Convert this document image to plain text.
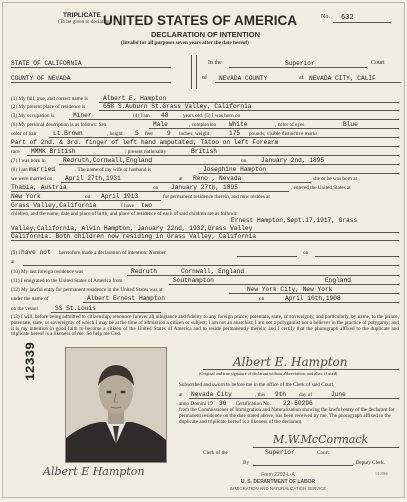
TRIPLICATE
(To be given to declarant)
UNITED STATES OF AMERICA	No. 632
DECLARATION OF INTENTION
(Invalid for all purposes seven years after the date hereof)
STATE OF CALIFORNIA
COUNTY OF NEVADA
In the	Superior	Court
of NEVADA COUNTY	at NEVADA CITY, CALIF
(1) My full, true, and correct name is Albert E. Hampton
(2) My present place of residence is	658 S.Auburn St.Grass Valley, California
(3) My occupation is	Miner	(4) I am 48	years old. (5) I was born on
(6) My personal description is as follows: Sex	Male	, complexion White	, color of eyes	Blue
color of hair	Lt.Brown	, height 5 feet 9 inches; weight	175 pounds; visible distinctive marks
Part of 2nd. & 3rd. finger of left hand amputated, Tatoo on left Forearm
race MMMK British	; present nationality	British
(7) I was born in	Redruth,Cornwall,England	on January 2nd, 1895
(8) I am married	. The name of my wife or husband is	Josephine Hampton
we were married on April 27th,1931	at Reno , Nevada	she or he was born at
Thabia, Austria	on January 27th, 1895	, entered the United States at
New York	on April 1913	for permanent residence therein, and now resides at
Grass Valley,California	I have two
children, and the name, date and place of birth, and place of residence of each of said children are as follows:
Ernest Hampton,Sept.17,1917, Grass
Valley,California, Alvin Hampton, January 22nd, 1932,Grass Valley
California. Both children now residing in Grass Valley, California
(9) I have not heretofore made a declaration of intention: Number	on
at
(10) My last foreign residence was	Redruth	Cornwall, England
(11) I emigrated to the United States of America from	Southampton	England
(12) My lawful entry for permanent residence in the United States was at	New York City, New York
under the name of	Albert Ernest Hampton	on	April 10th,1908
on the vessel	SS St.Louis
(13) I will, before being admitted to citizenship, renounce forever all allegiance and fidelity to any foreign prince, potentate, state, or sovereignty, and particularly, by name, to the prince, potentate, state, or sovereignty of which I may be at the time of admission a citizen or subject; I am not an anarchist; I am not a polygamist nor a believer in the practice of polygamy; and it is my intention in good faith to become a citizen of the United States of America and to reside permanently therein; and I certify that the photograph affixed to the duplicate and triplicate hereof is a likeness of me: So help me God.
12339
Albert E Hampton
Albert E. Hampton
(Original and true signature of declarant without abbreviation, and alias, if used)
Subscribed and sworn to before me in the office of the Clerk of said Court,
at Nevada City	, this 9th day of	June
anno Domini 19 36 . Certification No. 22-50296
from the Commissioner of Immigration and Naturalization showing the lawful entry of the declarant for permanent residence on the date stated above, has been received by me. The photograph affixed to the duplicate and triplicate hereof is a likeness of the declarant.
M.W.McCormack
Clerk of the	Superior	Court.
By	, Deputy Clerk.
Form 2202-L-A
U. S. DEPARTMENT OF LABOR
IMMIGRATION AND NATURALIZATION SERVICE
14-2966
